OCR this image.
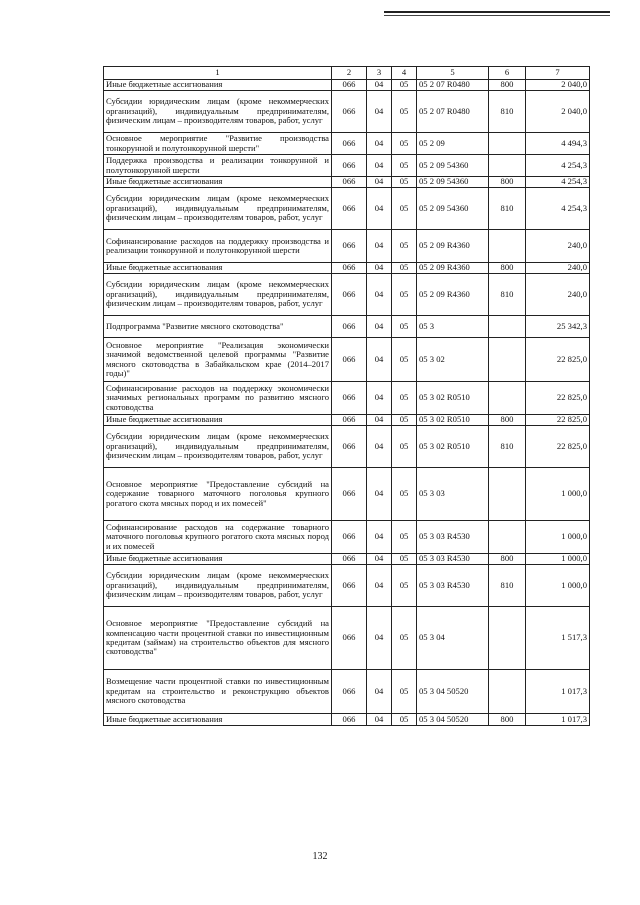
1	2	3	4	5	6	7
Иные бюджетные ассигнования	066	04	05	05 2 07 R0480	800	2 040,0
Субсидии юридическим лицам (кроме некоммерческих организаций), индивидуальным предпринимателям, физическим лицам – производителям товаров, работ, услуг	066	04	05	05 2 07 R0480	810	2 040,0
Основное мероприятие "Развитие производства тонкорунной и полутонкорунной шерсти"	066	04	05	05 2 09		4 494,3
Поддержка производства и реализации тонкорунной и полутонкорунной шерсти	066	04	05	05 2 09 54360		4 254,3
Иные бюджетные ассигнования	066	04	05	05 2 09 54360	800	4 254,3
Субсидии юридическим лицам (кроме некоммерческих организаций), индивидуальным предпринимателям, физическим лицам – производителям товаров, работ, услуг	066	04	05	05 2 09 54360	810	4 254,3
Софинансирование расходов на поддержку производства и реализации тонкорунной и полутонкорунной шерсти	066	04	05	05 2 09 R4360		240,0
Иные бюджетные ассигнования	066	04	05	05 2 09 R4360	800	240,0
Субсидии юридическим лицам (кроме некоммерческих организаций), индивидуальным предпринимателям, физическим лицам – производителям товаров, работ, услуг	066	04	05	05 2 09 R4360	810	240,0
Подпрограмма "Развитие мясного скотоводства"	066	04	05	05 3		25 342,3
Основное мероприятие "Реализация экономически значимой ведомственной целевой программы "Развитие мясного скотоводства в Забайкальском крае (2014–2017 годы)"	066	04	05	05 3 02		22 825,0
Софинансирование расходов на поддержку экономически значимых региональных программ по развитию мясного скотоводства	066	04	05	05 3 02 R0510		22 825,0
Иные бюджетные ассигнования	066	04	05	05 3 02 R0510	800	22 825,0
Субсидии юридическим лицам (кроме некоммерческих организаций), индивидуальным предпринимателям, физическим лицам – производителям товаров, работ, услуг	066	04	05	05 3 02 R0510	810	22 825,0
Основное мероприятие "Предоставление субсидий на содержание товарного маточного поголовья крупного рогатого скота мясных пород и их помесей"	066	04	05	05 3 03		1 000,0
Софинансирование расходов на содержание товарного маточного поголовья крупного рогатого скота мясных пород и их помесей	066	04	05	05 3 03 R4530		1 000,0
Иные бюджетные ассигнования	066	04	05	05 3 03 R4530	800	1 000,0
Субсидии юридическим лицам (кроме некоммерческих организаций), индивидуальным предпринимателям, физическим лицам – производителям товаров, работ, услуг	066	04	05	05 3 03 R4530	810	1 000,0
Основное мероприятие "Предоставление субсидий на компенсацию части процентной ставки по инвестиционным кредитам (займам) на строительство объектов для мясного скотоводства"	066	04	05	05 3 04		1 517,3
Возмещение части процентной ставки по инвестиционным кредитам на строительство и реконструкцию объектов мясного скотоводства	066	04	05	05 3 04 50520		1 017,3
Иные бюджетные ассигнования	066	04	05	05 3 04 50520	800	1 017,3
132
